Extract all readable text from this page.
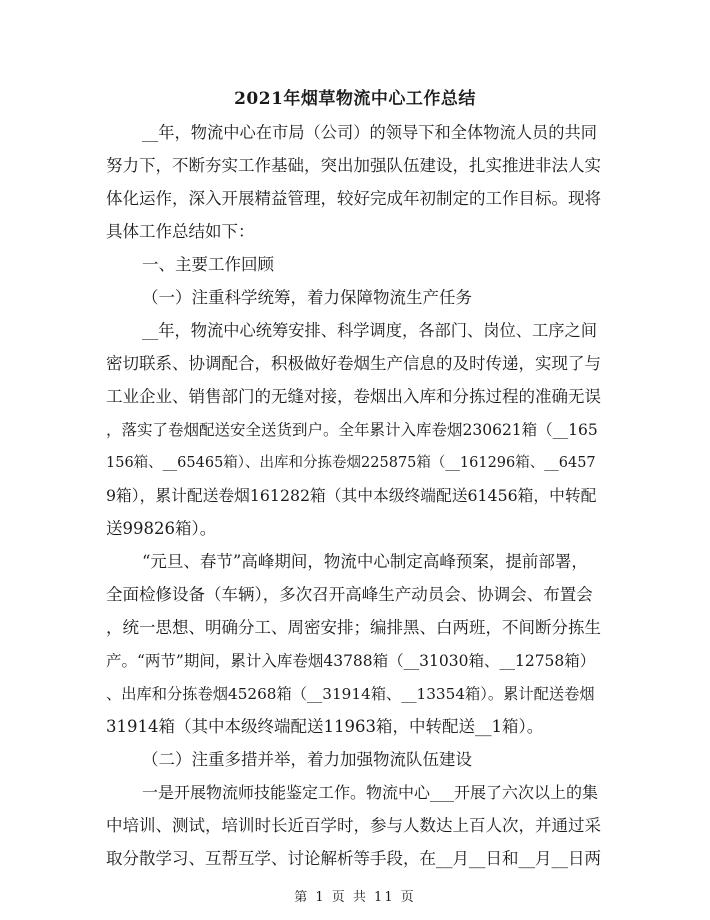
2021年烟草物流中心工作总结
__年，物流中心在市局（公司）的领导下和全体物流人员的共同
努力下，不断夯实工作基础，突出加强队伍建设，扎实推进非法人实
体化运作，深入开展精益管理，较好完成年初制定的工作目标。现将
具体工作总结如下：
一、主要工作回顾
（一）注重科学统筹，着力保障物流生产任务
__年，物流中心统筹安排、科学调度，各部门、岗位、工序之间
密切联系、协调配合，积极做好卷烟生产信息的及时传递，实现了与
工业企业、销售部门的无缝对接，卷烟出入库和分拣过程的准确无误
，落实了卷烟配送安全送货到户。全年累计入库卷烟230621箱（__165
156箱、__65465箱）、出库和分拣卷烟225875箱（__161296箱、__6457
9箱），累计配送卷烟161282箱（其中本级终端配送61456箱，中转配
送99826箱）。
“元旦、春节”高峰期间，物流中心制定高峰预案，提前部署，
全面检修设备（车辆），多次召开高峰生产动员会、协调会、布置会
，统一思想、明确分工、周密安排；编排黑、白两班，不间断分拣生
产。“两节”期间，累计入库卷烟43788箱（__31030箱、__12758箱）
、出库和分拣卷烟45268箱（__31914箱、__13354箱）。累计配送卷烟
31914箱（其中本级终端配送11963箱，中转配送__1箱）。
（二）注重多措并举，着力加强物流队伍建设
一是开展物流师技能鉴定工作。物流中心___开展了六次以上的集
中培训、测试，培训时长近百学时，参与人数达上百人次，并通过采
取分散学习、互帮互学、讨论解析等手段，在__月__日和__月__日两
第 1 页 共 11 页
